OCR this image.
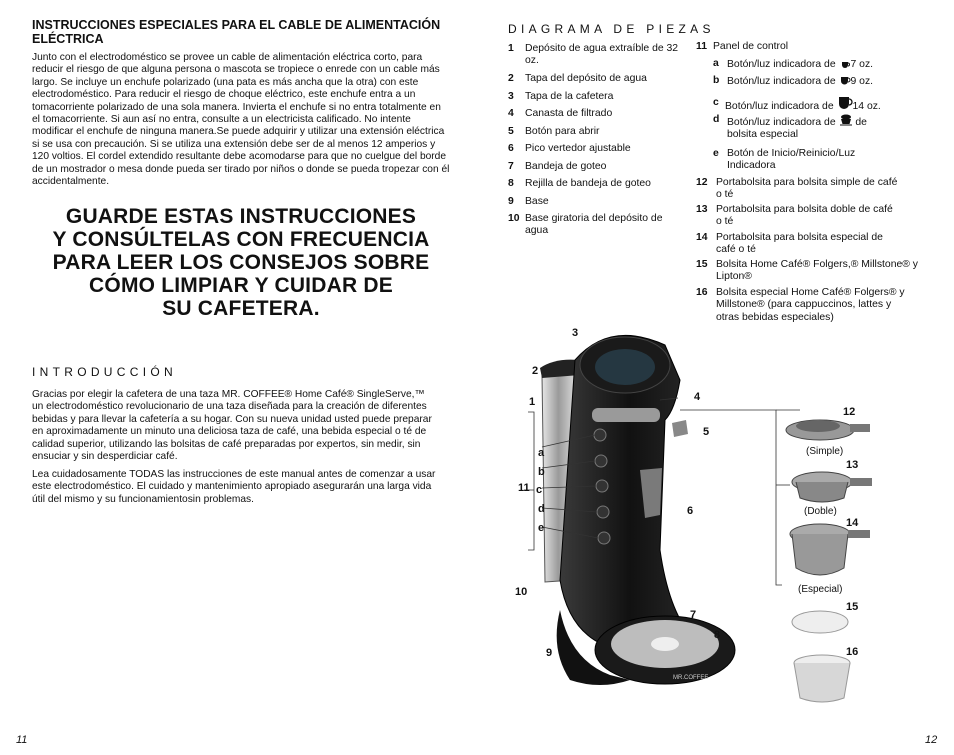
INSTRUCCIONES ESPECIALES PARA EL CABLE DE ALIMENTACIÓN ELÉCTRICA
Junto con el electrodoméstico se provee un cable de alimentación eléctrica corto, para reducir el riesgo de que alguna persona o mascota se tropiece o enrede con un cable más largo. Se incluye un enchufe polarizado (una pata es más ancha que la otra) con este electrodoméstico. Para reducir el riesgo de choque eléctrico, este enchufe entra a un tomacorriente polarizado de una sola manera. Invierta el enchufe si no entra totalmente en el tomacorriente. Si aun así no entra, consulte a un electricista calificado. No intente modificar el enchufe de ninguna manera.Se puede adquirir y utilizar una extensión eléctrica si se usa con precaución. Si se utiliza una extensión debe ser de al menos 12 amperios y 120 voltios. El cordel extendido resultante debe acomodarse para que no cuelgue del borde de un mostrador o mesa donde pueda ser tirado por niños o donde se pueda tropezar con él accidentalmente.
GUARDE ESTAS INSTRUCCIONES
Y CONSÚLTELAS CON FRECUENCIA
PARA LEER LOS CONSEJOS SOBRE
CÓMO LIMPIAR Y CUIDAR DE
SU CAFETERA.
INTRODUCCIÓN
Gracias por elegir la cafetera de una taza MR. COFFEE® Home Café® SingleServe,™ un electrodoméstico revolucionario de una taza diseñada para la creación de diferentes bebidas y para llevar la cafetería a su hogar. Con su nueva unidad usted puede preparar en aproximadamente un minuto una deliciosa taza de café, una bebida especial o té de calidad superior, utilizando las bolsitas de café preparadas por expertos, sin medir, sin ensuciar y sin desperdiciar café.
Lea cuidadosamente TODAS las instrucciones de este manual antes de comenzar a usar este electrodoméstico. El cuidado y mantenimiento apropiado asegurarán una larga vida útil del mismo y su funcionamientosin problemas.
11
DIAGRAMA DE PIEZAS
1	Depósito de agua extraíble de 32 oz.
2	Tapa del depósito de agua
3	Tapa de la cafetera
4	Canasta de filtrado
5	Botón para abrir
6	Pico vertedor ajustable
7	Bandeja de goteo
8	Rejilla de bandeja de goteo
9	Base
10 Base giratoria del depósito de agua
11 Panel de control
a Botón/luz indicadora de 7 oz.
b Botón/luz indicadora de 9 oz.
c Botón/luz indicadora de 14 oz.
d Botón/luz indicadora de de
bolsita especial
e Botón de Inicio/Reinicio/Luz
Indicadora
12 Portabolsita para bolsita simple de café o té
13 Portabolsita para bolsita doble de café o té
14 Portabolsita para bolsita especial de café o té
15 Bolsita Home Café® Folgers,® Millstone® y Lipton®
16 Bolsita especial Home Café® Folgers® y Millstone® (para cappuccinos, lattes y otras bebidas especiales)
3
2
1	4
5
a
b
11 c
d
e
6
10
7
8
9
12
13
14
15
16
(Simple)
(Doble)
(Especial)
MR.COFFEE
12
